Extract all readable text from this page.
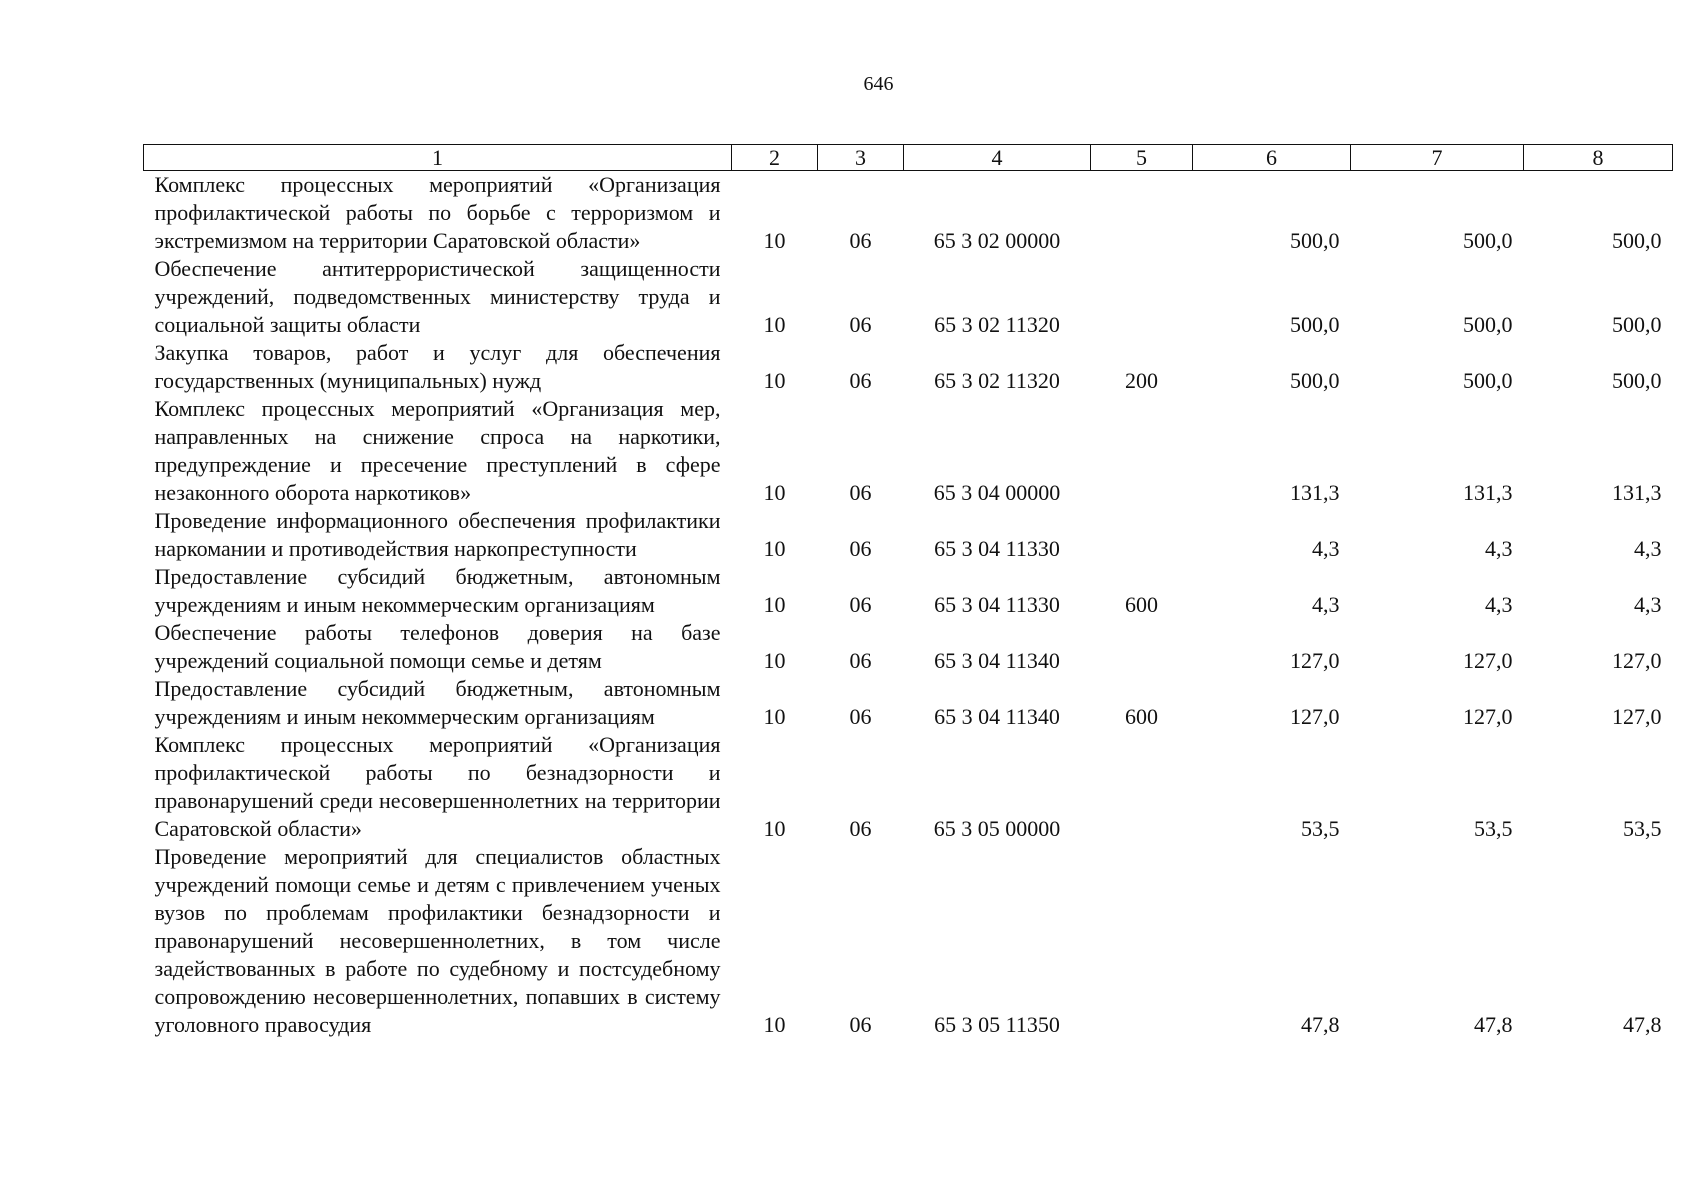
646
1	2	3	4	5	6	7	8
Комплекс процессных мероприятий «Организация профилактической работы по борьбе с терроризмом и экстремизмом на территории Саратовской области»	10	06	65 3 02 00000		500,0	500,0	500,0
Обеспечение антитеррористической защищенности учреждений, подведомственных министерству труда и социальной защиты области	10	06	65 3 02 11320		500,0	500,0	500,0
Закупка товаров, работ и услуг для обеспечения государственных (муниципальных) нужд	10	06	65 3 02 11320	200	500,0	500,0	500,0
Комплекс процессных мероприятий «Организация мер, направленных на снижение спроса на наркотики, предупреждение и пресечение преступлений в сфере незаконного оборота наркотиков»	10	06	65 3 04 00000		131,3	131,3	131,3
Проведение информационного обеспечения профилактики наркомании и противодействия наркопреступности	10	06	65 3 04 11330		4,3	4,3	4,3
Предоставление субсидий бюджетным, автономным учреждениям и иным некоммерческим организациям	10	06	65 3 04 11330	600	4,3	4,3	4,3
Обеспечение работы телефонов доверия на базе учреждений социальной помощи семье и детям	10	06	65 3 04 11340		127,0	127,0	127,0
Предоставление субсидий бюджетным, автономным учреждениям и иным некоммерческим организациям	10	06	65 3 04 11340	600	127,0	127,0	127,0
Комплекс процессных мероприятий «Организация профилактической работы по безнадзорности и правонарушений среди несовершеннолетних на территории Саратовской области»	10	06	65 3 05 00000		53,5	53,5	53,5
Проведение мероприятий для специалистов областных учреждений помощи семье и детям с привлечением ученых вузов по проблемам профилактики безнадзорности и правонарушений несовершеннолетних, в том числе задействованных в работе по судебному и постсудебному сопровождению несовершеннолетних, попавших в систему уголовного правосудия	10	06	65 3 05 11350		47,8	47,8	47,8
